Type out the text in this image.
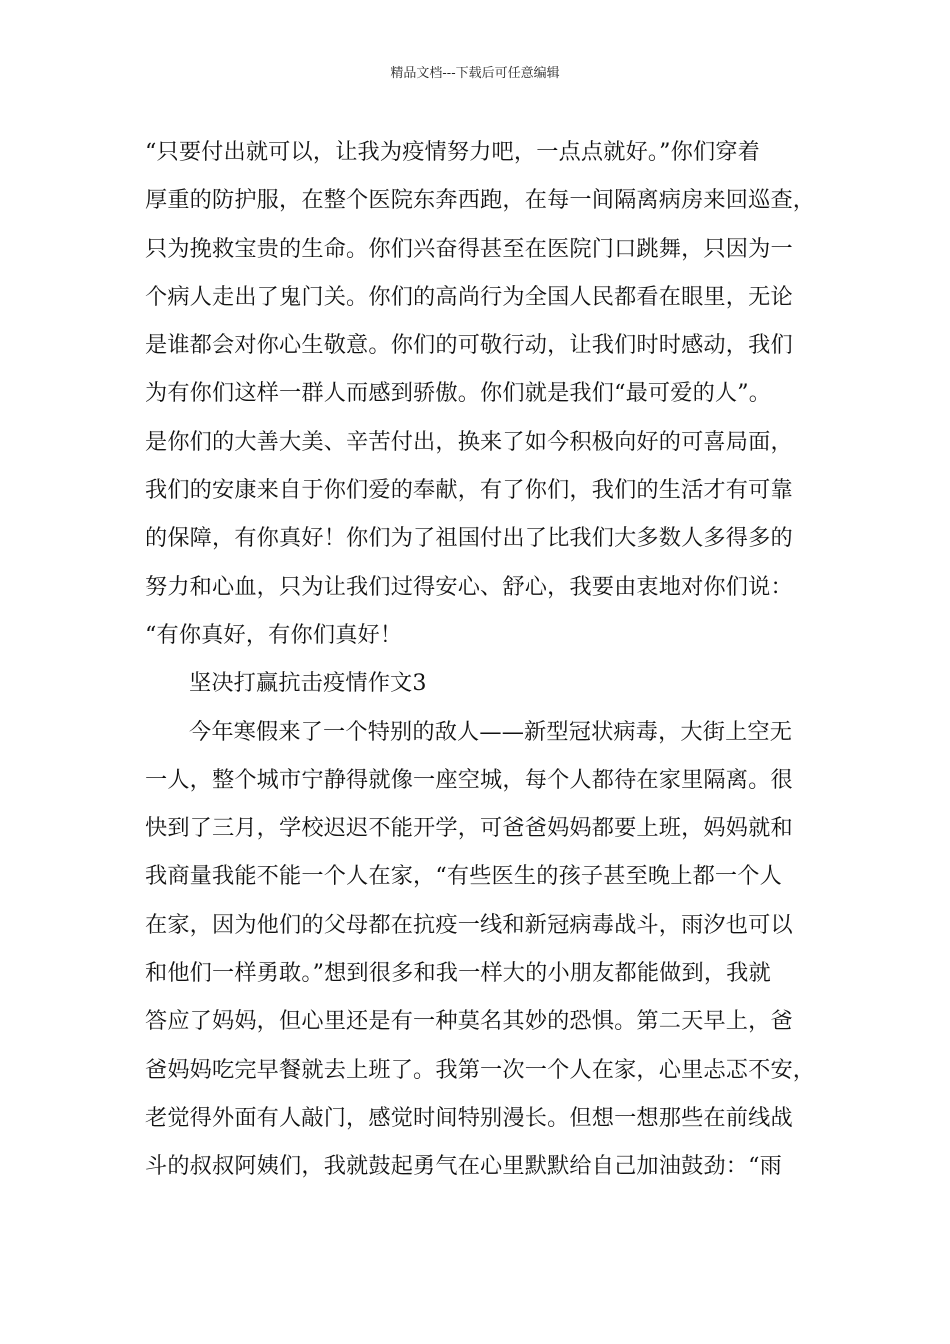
精品文档---下载后可任意编辑
“只要付出就可以，让我为疫情努力吧，一点点就好。”你们穿着
厚重的防护服，在整个医院东奔西跑，在每一间隔离病房来回巡查，
只为挽救宝贵的生命。你们兴奋得甚至在医院门口跳舞，只因为一
个病人走出了鬼门关。你们的高尚行为全国人民都看在眼里，无论
是谁都会对你心生敬意。你们的可敬行动，让我们时时感动，我们
为有你们这样一群人而感到骄傲。你们就是我们“最可爱的人”。
是你们的大善大美、辛苦付出，换来了如今积极向好的可喜局面，
我们的安康来自于你们爱的奉献，有了你们，我们的生活才有可靠
的保障，有你真好！你们为了祖国付出了比我们大多数人多得多的
努力和心血，只为让我们过得安心、舒心，我要由衷地对你们说：
“有你真好，有你们真好！
坚决打赢抗击疫情作文3
今年寒假来了一个特别的敌人——新型冠状病毒，大街上空无
一人，整个城市宁静得就像一座空城，每个人都待在家里隔离。很
快到了三月，学校迟迟不能开学，可爸爸妈妈都要上班，妈妈就和
我商量我能不能一个人在家，“有些医生的孩子甚至晚上都一个人
在家，因为他们的父母都在抗疫一线和新冠病毒战斗，雨汐也可以
和他们一样勇敢。”想到很多和我一样大的小朋友都能做到，我就
答应了妈妈，但心里还是有一种莫名其妙的恐惧。第二天早上，爸
爸妈妈吃完早餐就去上班了。我第一次一个人在家，心里忐忑不安，
老觉得外面有人敲门，感觉时间特别漫长。但想一想那些在前线战
斗的叔叔阿姨们，我就鼓起勇气在心里默默给自己加油鼓劲：“雨
